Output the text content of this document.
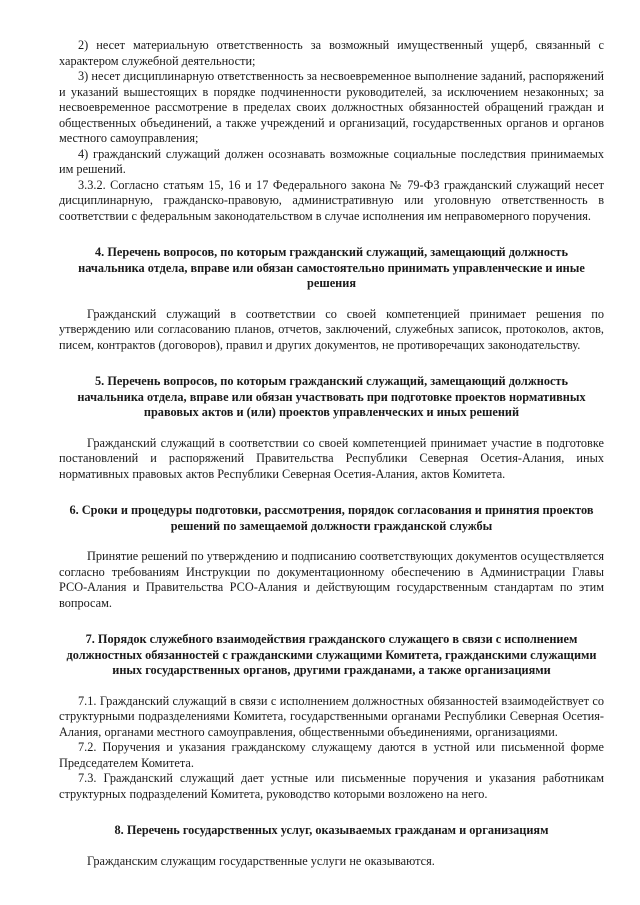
2) несет материальную ответственность за возможный имущественный ущерб, связанный с характером служебной деятельности;

3) несет дисциплинарную ответственность за несвоевременное выполнение заданий, распоряжений и указаний вышестоящих в порядке подчиненности руководителей, за исключением незаконных; за несвоевременное рассмотрение в пределах своих должностных обязанностей обращений граждан и общественных объединений, а также учреждений и организаций, государственных органов и органов местного самоуправления;

4) гражданский служащий должен осознавать возможные социальные последствия принимаемых им решений.

3.3.2. Согласно статьям 15, 16 и 17 Федерального закона № 79-ФЗ гражданский служащий несет дисциплинарную, гражданско-правовую, административную или уголовную ответственность в соответствии с федеральным законодательством в случае исполнения им неправомерного поручения.

4. Перечень вопросов, по которым гражданский служащий, замещающий должность начальника отдела, вправе или обязан самостоятельно принимать управленческие и иные решения

Гражданский служащий в соответствии со своей компетенцией принимает решения по утверждению или согласованию планов, отчетов, заключений, служебных записок, протоколов, актов, писем, контрактов (договоров), правил и других документов, не противоречащих законодательству.

5. Перечень вопросов, по которым гражданский служащий, замещающий должность начальника отдела, вправе или обязан участвовать при подготовке проектов нормативных правовых актов и (или) проектов управленческих и иных решений

Гражданский служащий в соответствии со своей компетенцией принимает участие в подготовке постановлений и распоряжений Правительства Республики Северная Осетия-Алания, иных нормативных правовых актов Республики Северная Осетия-Алания, актов Комитета.

6. Сроки и процедуры подготовки, рассмотрения, порядок согласования и принятия проектов решений по замещаемой должности гражданской службы

Принятие решений по утверждению и подписанию соответствующих документов осуществляется согласно требованиям Инструкции по документационному обеспечению в Администрации Главы РСО-Алания и Правительства РСО-Алания и действующим государственным стандартам по этим вопросам.

7. Порядок служебного взаимодействия гражданского служащего в связи с исполнением должностных обязанностей с гражданскими служащими Комитета, гражданскими служащими иных государственных органов, другими гражданами, а также организациями

7.1. Гражданский служащий в связи с исполнением должностных обязанностей взаимодействует со структурными подразделениями Комитета, государственными органами Республики Северная Осетия-Алания, органами местного самоуправления, общественными объединениями, организациями.

7.2. Поручения и указания гражданскому служащему даются в устной или письменной форме Председателем Комитета.

7.3. Гражданский служащий дает устные или письменные поручения и указания работникам структурных подразделений Комитета, руководство которыми возложено на него.

8. Перечень государственных услуг, оказываемых гражданам и организациям

Гражданским служащим государственные услуги не оказываются.
